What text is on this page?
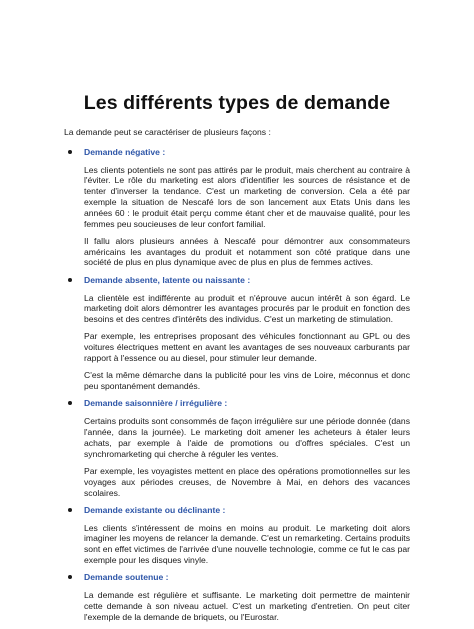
Les différents types de demande

La demande peut se caractériser de plusieurs façons :

Demande négative :

Les clients potentiels ne sont pas attirés par le produit, mais cherchent au contraire à l'éviter. Le rôle du marketing est alors d'identifier les sources de résistance et de tenter d'inverser la tendance. C'est un marketing de conversion. Cela a été par exemple la situation de Nescafé lors de son lancement aux Etats Unis dans les années 60 : le produit était perçu comme étant cher et de mauvaise qualité, pour les femmes peu soucieuses de leur confort familial.

Il fallu alors plusieurs années à Nescafé pour démontrer aux consommateurs américains les avantages du produit et notamment son côté pratique dans une société de plus en plus dynamique avec de plus en plus de femmes actives.

Demande absente, latente ou naissante :

La clientèle est indifférente au produit et n'éprouve aucun intérêt à son égard. Le marketing doit alors démontrer les avantages procurés par le produit en fonction des besoins et des centres d'intérêts des individus. C'est un marketing de stimulation.

Par exemple, les entreprises proposant des véhicules fonctionnant au GPL ou des voitures électriques mettent en avant les avantages de ses nouveaux carburants par rapport à l'essence ou au diesel, pour stimuler leur demande.

C'est la même démarche dans la publicité pour les vins de Loire, méconnus et donc peu spontanément demandés.

Demande saisonnière / irrégulière :

Certains produits sont consommés de façon irrégulière sur une période donnée (dans l'année, dans la journée). Le marketing doit amener les acheteurs à étaler leurs achats, par exemple à l'aide de promotions ou d'offres spéciales. C'est un synchromarketing qui cherche à réguler les ventes.

Par exemple, les voyagistes mettent en place des opérations promotionnelles sur les voyages aux périodes creuses, de Novembre à Mai, en dehors des vacances scolaires.

Demande existante ou déclinante :

Les clients s'intéressent de moins en moins au produit. Le marketing doit alors imaginer les moyens de relancer la demande. C'est un remarketing. Certains produits sont en effet victimes de l'arrivée d'une nouvelle technologie, comme ce fut le cas par exemple pour les disques vinyle.

Demande soutenue :

La demande est régulière et suffisante. Le marketing doit permettre de maintenir cette demande à son niveau actuel. C'est un marketing d'entretien. On peut citer l'exemple de la demande de briquets, ou l'Eurostar.
